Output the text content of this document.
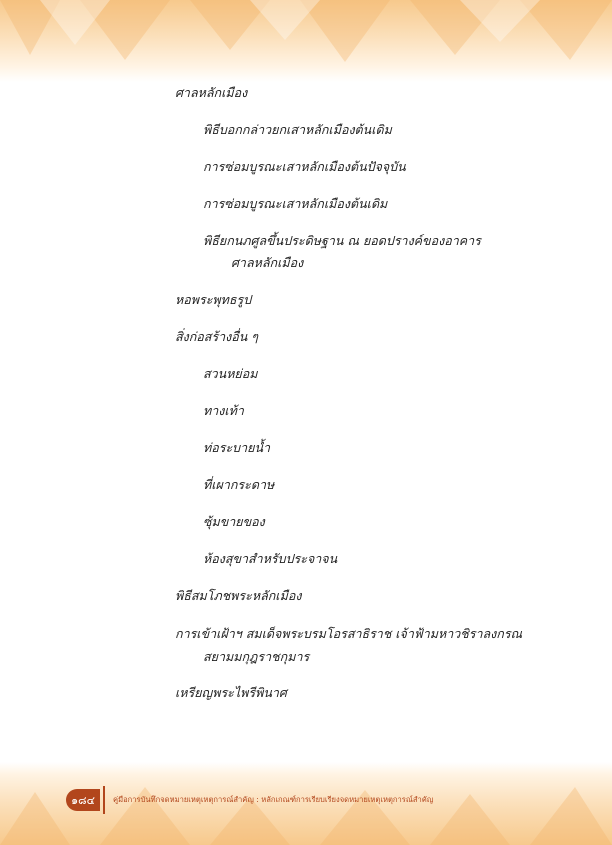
ศาลหลักเมือง
พิธีบอกกล่าวยกเสาหลักเมืองต้นเดิม
การซ่อมบูรณะเสาหลักเมืองต้นปัจจุบัน
การซ่อมบูรณะเสาหลักเมืองต้นเดิม
พิธียกนภศูลขึ้นประดิษฐาน ณ ยอดปรางค์ของอาคาร
ศาลหลักเมือง
หอพระพุทธรูป
สิ่งก่อสร้างอื่น ๆ
สวนหย่อม
ทางเท้า
ท่อระบายน้ำ
ที่เผากระดาษ
ซุ้มขายของ
ห้องสุขาสำหรับประจาจน
พิธีสมโภชพระหลักเมือง
การเข้าเฝ้าฯ สมเด็จพระบรมโอรสาธิราช เจ้าฟ้ามหาวชิราลงกรณ
สยามมกุฎราชกุมาร
เหรียญพระไพรีพินาศ
๑๘๔	คู่มือการบันทึกจดหมายเหตุเหตุการณ์สำคัญ : หลักเกณฑ์การเรียบเรียงจดหมายเหตุเหตุการณ์สำคัญ
